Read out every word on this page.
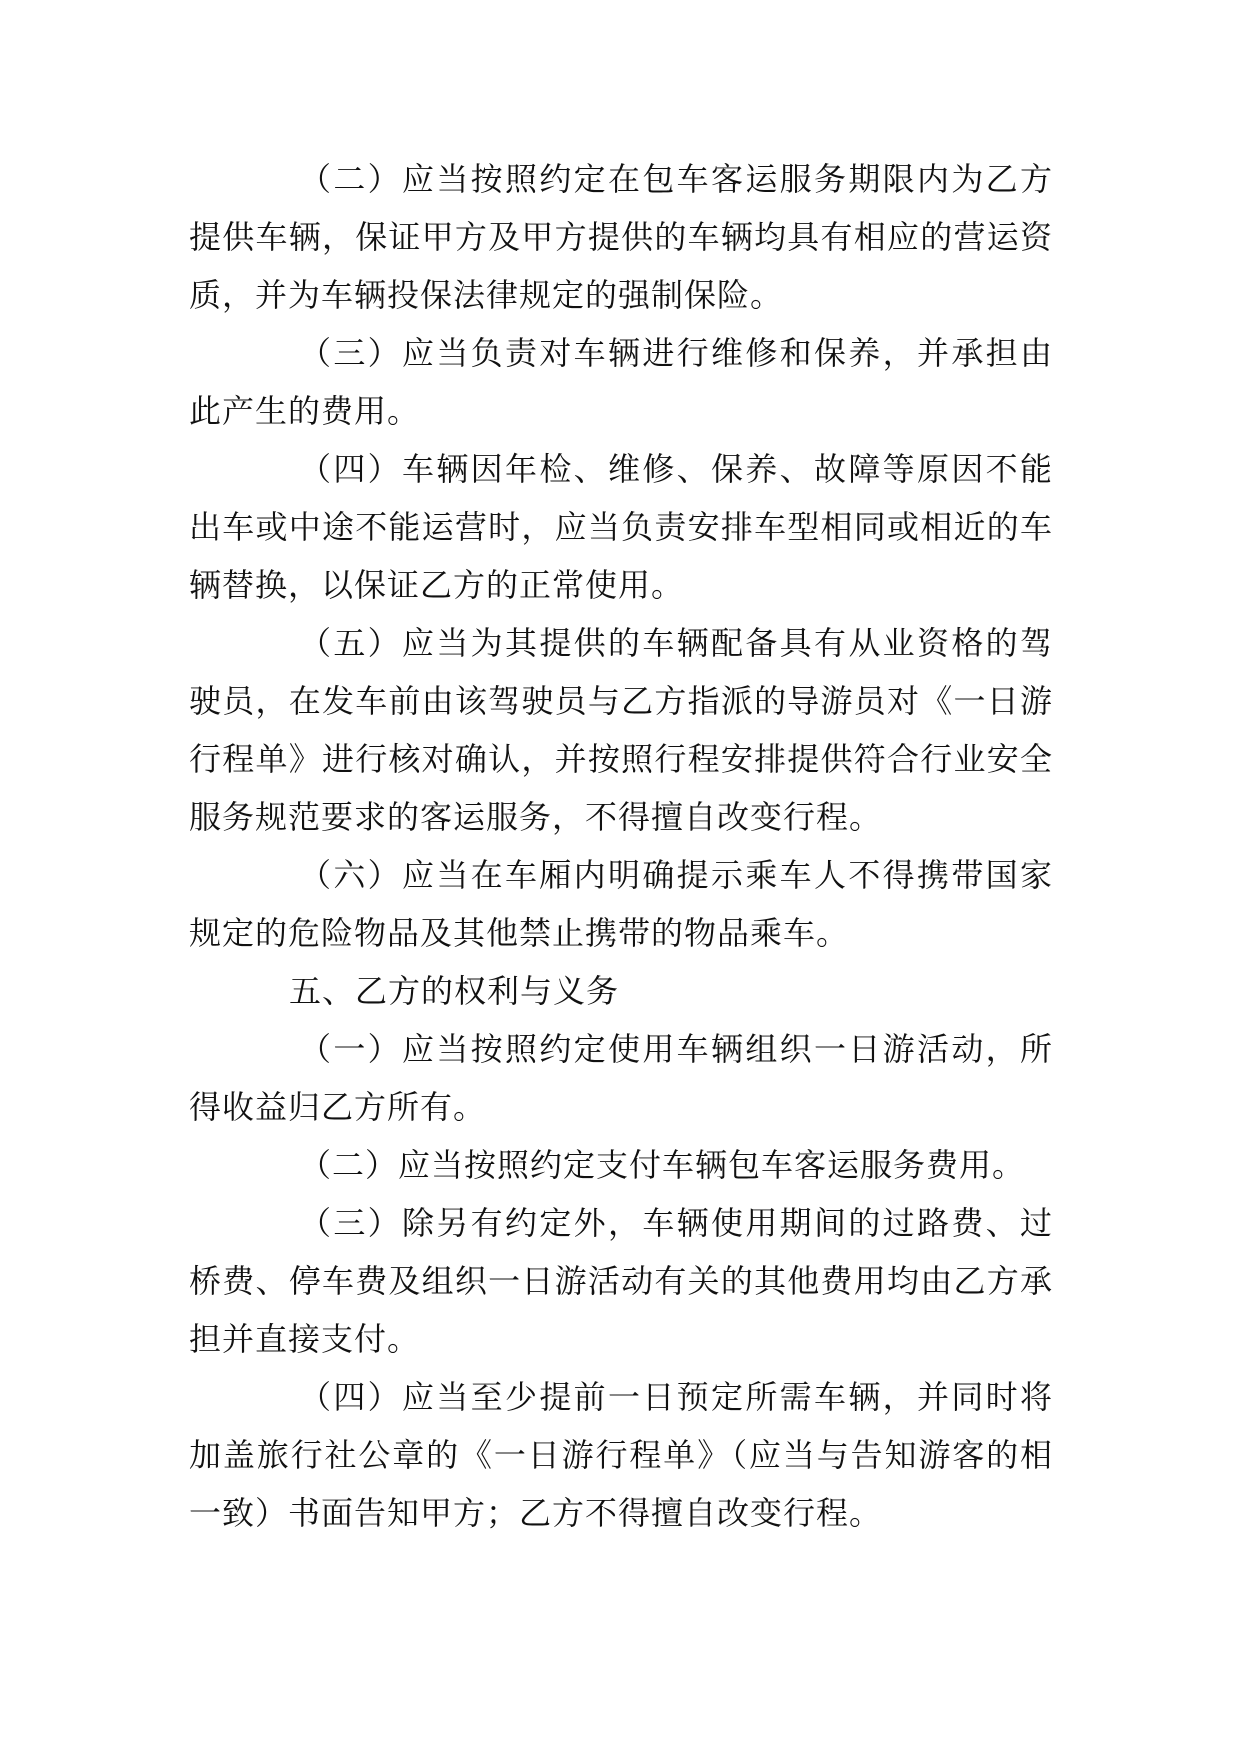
（二）应当按照约定在包车客运服务期限内为乙方提供车辆，保证甲方及甲方提供的车辆均具有相应的营运资质，并为车辆投保法律规定的强制保险。

（三）应当负责对车辆进行维修和保养，并承担由此产生的费用。

（四）车辆因年检、维修、保养、故障等原因不能出车或中途不能运营时，应当负责安排车型相同或相近的车辆替换，以保证乙方的正常使用。

（五）应当为其提供的车辆配备具有从业资格的驾驶员，在发车前由该驾驶员与乙方指派的导游员对《一日游行程单》进行核对确认，并按照行程安排提供符合行业安全服务规范要求的客运服务，不得擅自改变行程。

（六）应当在车厢内明确提示乘车人不得携带国家规定的危险物品及其他禁止携带的物品乘车。

五、乙方的权利与义务

（一）应当按照约定使用车辆组织一日游活动，所得收益归乙方所有。

（二）应当按照约定支付车辆包车客运服务费用。

（三）除另有约定外，车辆使用期间的过路费、过桥费、停车费及组织一日游活动有关的其他费用均由乙方承担并直接支付。

（四）应当至少提前一日预定所需车辆，并同时将加盖旅行社公章的《一日游行程单》（应当与告知游客的相一致）书面告知甲方；乙方不得擅自改变行程。
